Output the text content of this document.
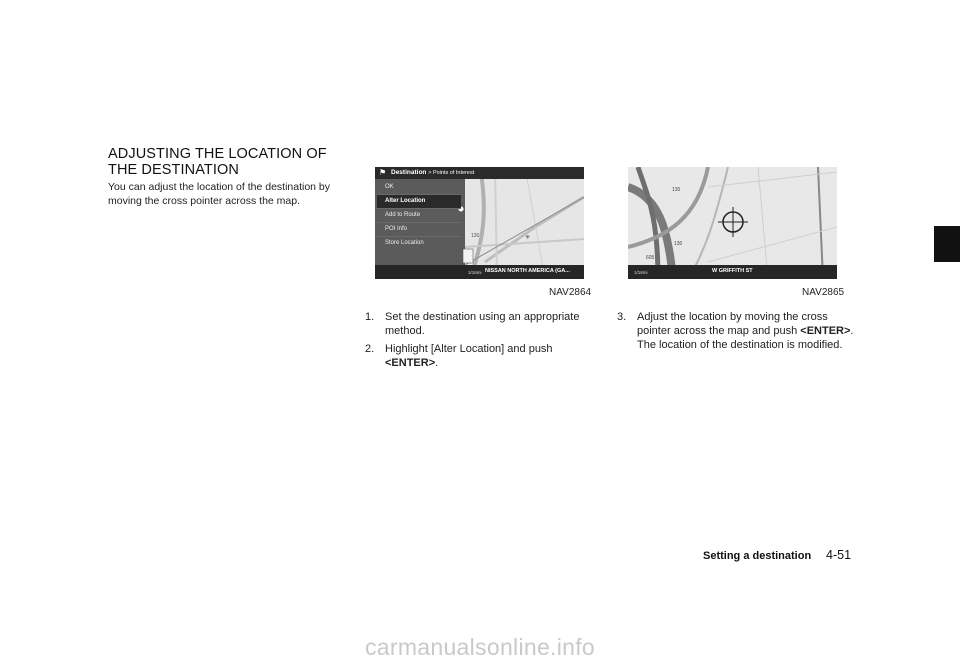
ADJUSTING THE LOCATION OF THE DESTINATION
You can adjust the location of the destination by moving the cross pointer across the map.
130	✳
⚑ Destination > Points of Interest
OK
Alter Location
Add to Route
POI Info
Store Location
1/16mi NISSAN NORTH AMERICA (GA...
NAV2864
130
130
605
1/16mi	W GRIFFITH ST
NAV2865
1. Set the destination using an appropriate method.
2. Highlight [Alter Location] and push <ENTER>.
3. Adjust the location by moving the cross pointer across the map and push <ENTER>.
The location of the destination is modified.
Setting a destination 4-51
carmanualsonline.info
